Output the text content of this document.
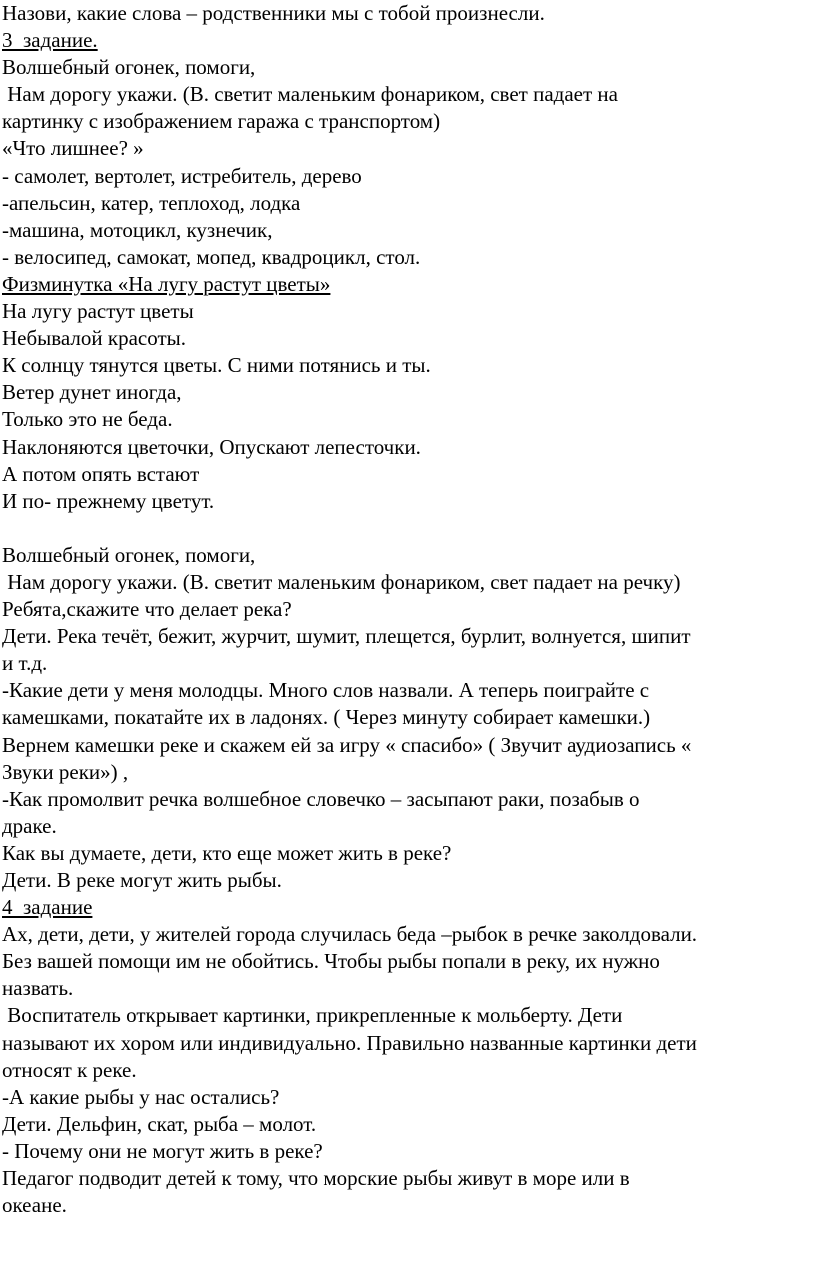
Назови, какие слова – родственники мы с тобой произнесли.
3  задание.
Волшебный огонек, помоги,
Нам дорогу укажи. (В. светит маленьким фонариком, свет падает на
картинку с изображением гаража с транспортом)
«Что лишнее? »
- самолет, вертолет, истребитель, дерево
-апельсин, катер, теплоход, лодка
-машина, мотоцикл, кузнечик,
- велосипед, самокат, мопед, квадроцикл, стол.
Физминутка «На лугу растут цветы»
На лугу растут цветы
Небывалой красоты.
К солнцу тянутся цветы. С ними потянись и ты.
Ветер дунет иногда,
Только это не беда.
Наклоняются цветочки, Опускают лепесточки.
А потом опять встают
И по- прежнему цветут.
Волшебный огонек, помоги,
Нам дорогу укажи. (В. светит маленьким фонариком, свет падает на речку)
Ребята,скажите что делает река?
Дети. Река течёт, бежит, журчит, шумит, плещется, бурлит, волнуется, шипит
и т.д.
-Какие дети у меня молодцы. Много слов назвали. А теперь поиграйте с
камешками, покатайте их в ладонях. ( Через минуту собирает камешки.)
Вернем камешки реке и скажем ей за игру « спасибо» ( Звучит аудиозапись «
Звуки реки») ,
-Как промолвит речка волшебное словечко – засыпают раки, позабыв о
драке.
Как вы думаете, дети, кто еще может жить в реке?
Дети. В реке могут жить рыбы.
4  задание
Ах, дети, дети, у жителей города случилась беда –рыбок в речке заколдовали.
Без вашей помощи им не обойтись. Чтобы рыбы попали в реку, их нужно
назвать.
Воспитатель открывает картинки, прикрепленные к мольберту. Дети
называют их хором или индивидуально. Правильно названные картинки дети
относят к реке.
-А какие рыбы у нас остались?
Дети. Дельфин, скат, рыба – молот.
- Почему они не могут жить в реке?
Педагог подводит детей к тому, что морские рыбы живут в море или в
океане.
